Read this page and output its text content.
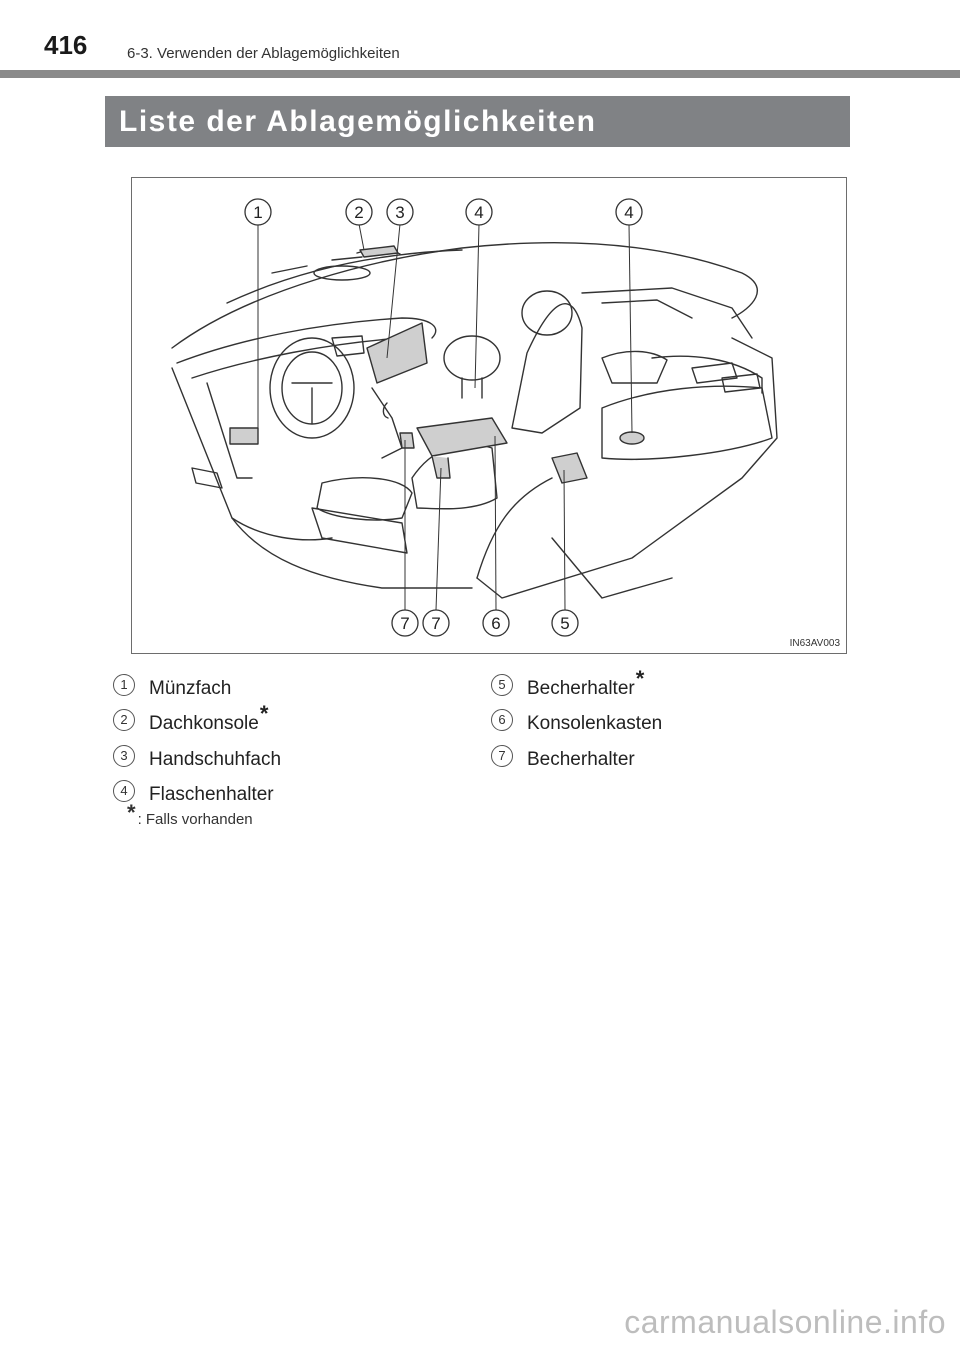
416	6-3. Verwenden der Ablagemöglichkeiten
Liste der Ablagemöglichkeiten
1	2 3	4	4
7 7	6	5
IN63AV003
1	Münzfach
2	Dachkonsole*
3	Handschuhfach
4	Flaschenhalter
5	Becherhalter*
6	Konsolenkasten
7	Becherhalter
* : Falls vorhanden
carmanualsonline.info
